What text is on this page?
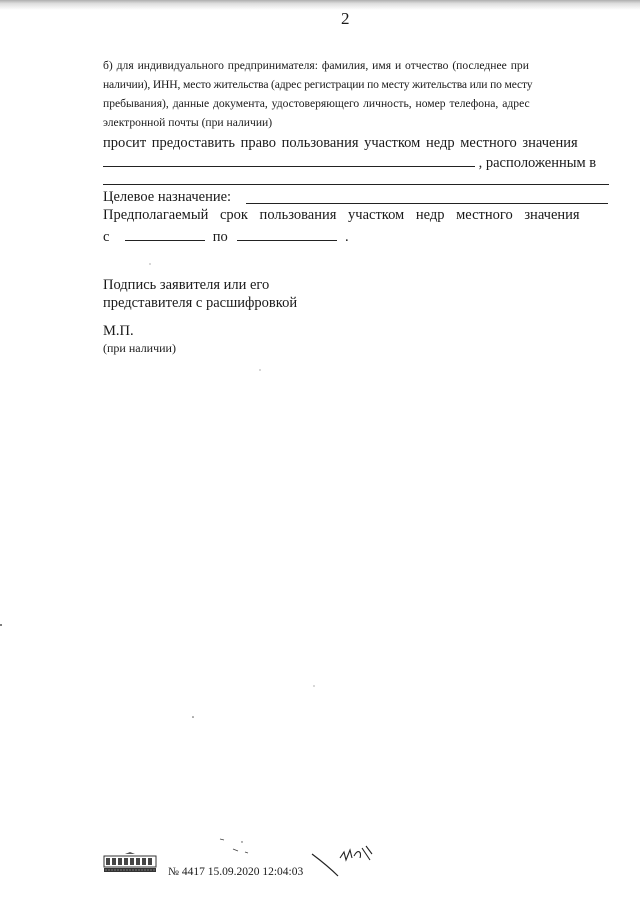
2
б) для индивидуального предпринимателя: фамилия, имя и отчество (последнее при
наличии), ИНН, место жительства (адрес регистрации по месту жительства или по месту
пребывания), данные документа, удостоверяющего личность, номер телефона, адрес
электронной почты (при наличии)
просит предоставить право пользования участком недр местного значения
, расположенным в
Целевое назначение:
Предполагаемый срок пользования участком недр местного значения
с	по	.
Подпись заявителя или его
представителя с расшифровкой
М.П.
(при наличии)
№ 4417 15.09.2020 12:04:03
